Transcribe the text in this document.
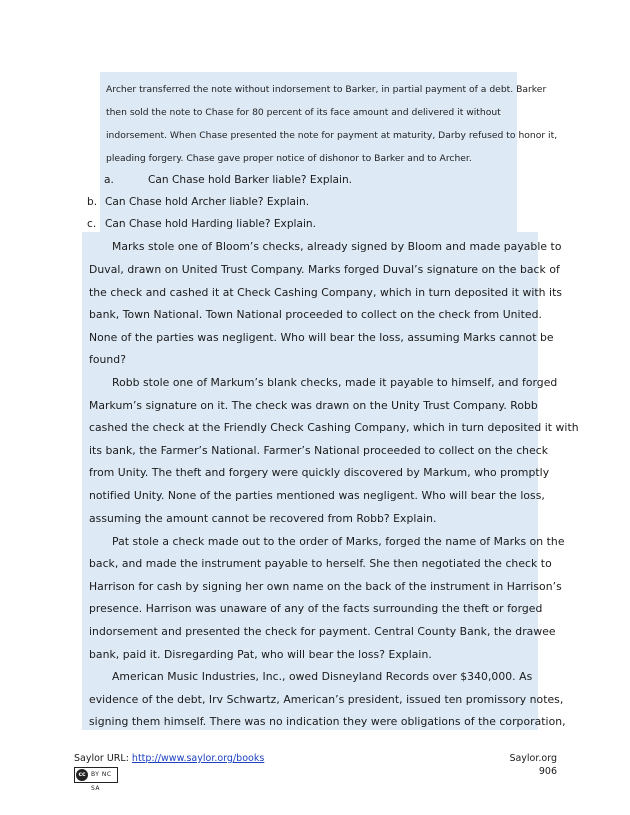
Archer transferred the note without indorsement to Barker, in partial payment of a debt. Barker
then sold the note to Chase for 80 percent of its face amount and delivered it without
indorsement. When Chase presented the note for payment at maturity, Darby refused to honor it,
pleading forgery. Chase gave proper notice of dishonor to Barker and to Archer.
a.	Can Chase hold Barker liable? Explain.
b. Can Chase hold Archer liable? Explain.
c. Can Chase hold Harding liable? Explain.
Marks stole one of Bloom’s checks, already signed by Bloom and made payable to
Duval, drawn on United Trust Company. Marks forged Duval’s signature on the back of
the check and cashed it at Check Cashing Company, which in turn deposited it with its
bank, Town National. Town National proceeded to collect on the check from United.
None of the parties was negligent. Who will bear the loss, assuming Marks cannot be
found?
Robb stole one of Markum’s blank checks, made it payable to himself, and forged
Markum’s signature on it. The check was drawn on the Unity Trust Company. Robb
cashed the check at the Friendly Check Cashing Company, which in turn deposited it with
its bank, the Farmer’s National. Farmer’s National proceeded to collect on the check
from Unity. The theft and forgery were quickly discovered by Markum, who promptly
notified Unity. None of the parties mentioned was negligent. Who will bear the loss,
assuming the amount cannot be recovered from Robb? Explain.
Pat stole a check made out to the order of Marks, forged the name of Marks on the
back, and made the instrument payable to herself. She then negotiated the check to
Harrison for cash by signing her own name on the back of the instrument in Harrison’s
presence. Harrison was unaware of any of the facts surrounding the theft or forged
indorsement and presented the check for payment. Central County Bank, the drawee
bank, paid it. Disregarding Pat, who will bear the loss? Explain.
American Music Industries, Inc., owed Disneyland Records over $340,000. As
evidence of the debt, Irv Schwartz, American’s president, issued ten promissory notes,
signing them himself. There was no indication they were obligations of the corporation,
Saylor URL: http://www.saylor.org/books
cc BY NC SA
Saylor.org
906
